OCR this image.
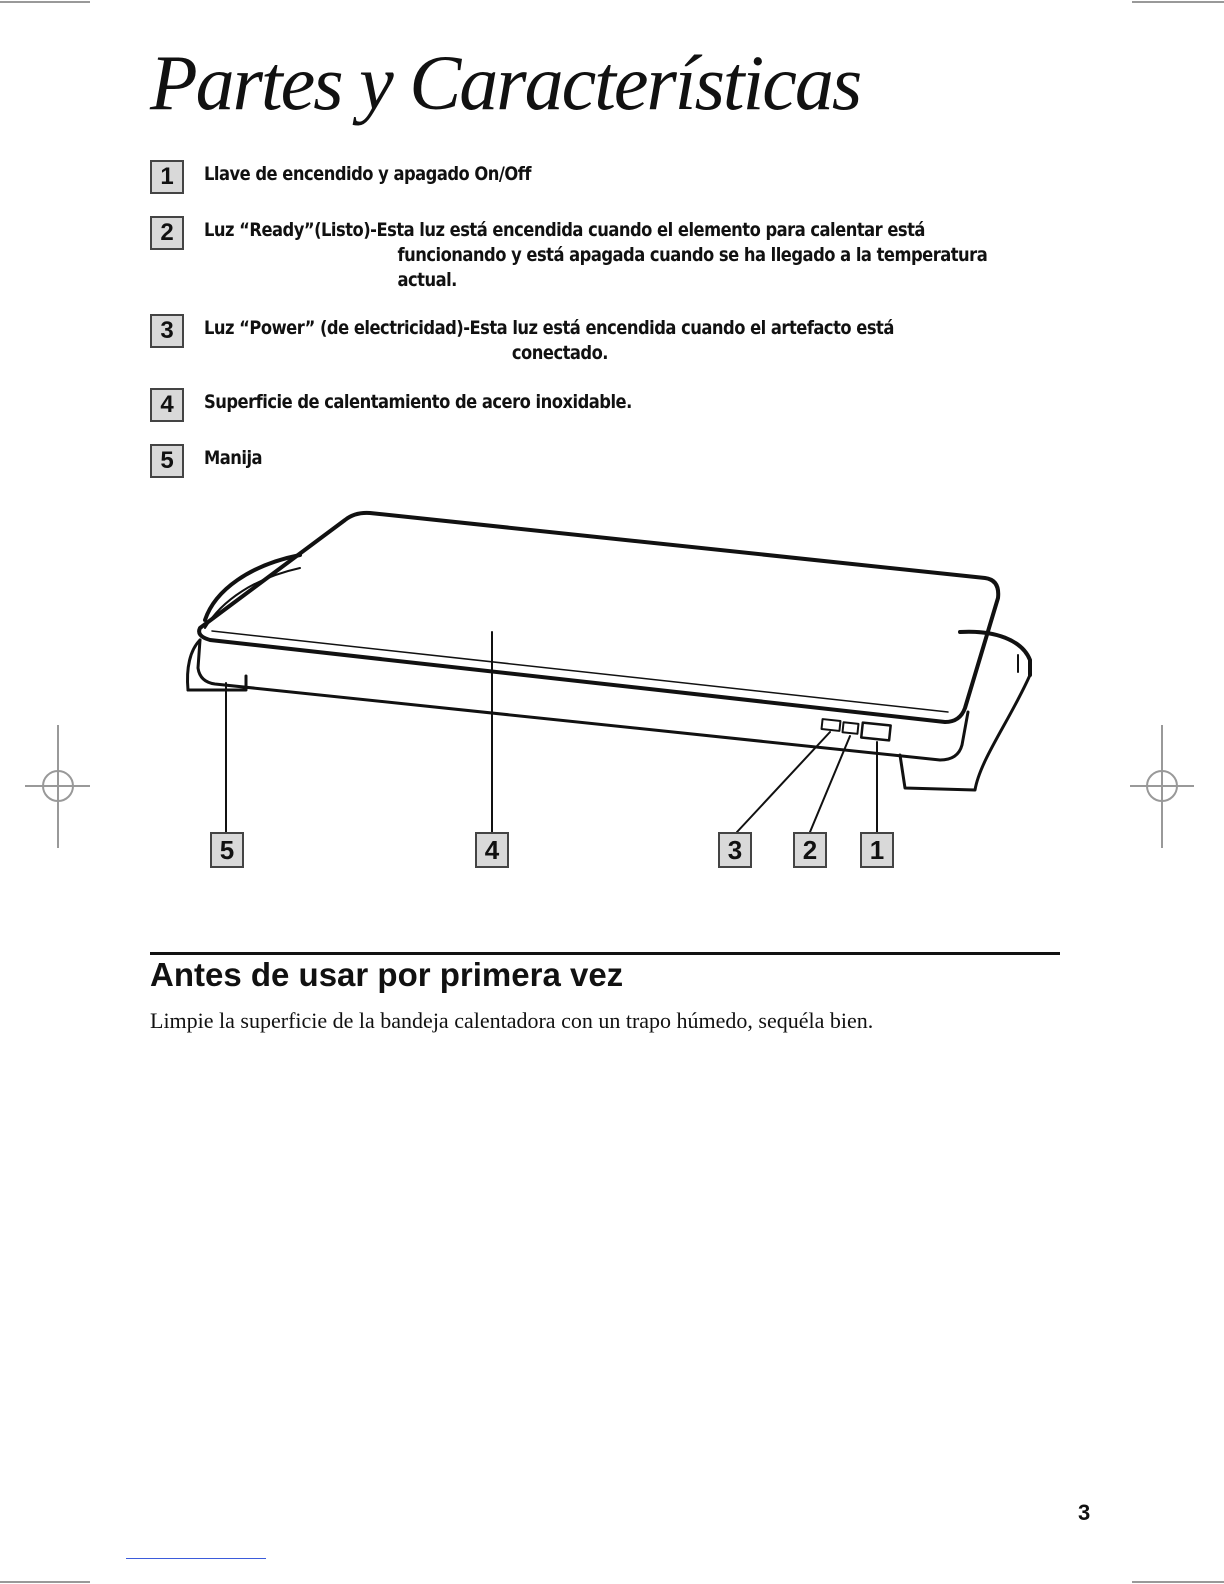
Partes y Características
1	Llave de encendido y apagado On/Off
2	Luz “Ready”(Listo)-Esta luz está encendida cuando el elemento para calentar está
funcionando y está apagada cuando se ha llegado a la temperatura
actual.
3	Luz “Power” (de electricidad)-Esta luz está encendida cuando el artefacto está
conectado.
4	Superficie de calentamiento de acero inoxidable.
5	Manija
5	4	3	2	1
Antes de usar por primera vez

Limpie la superficie de la bandeja calentadora con un trapo húmedo, sequéla bien.

3
